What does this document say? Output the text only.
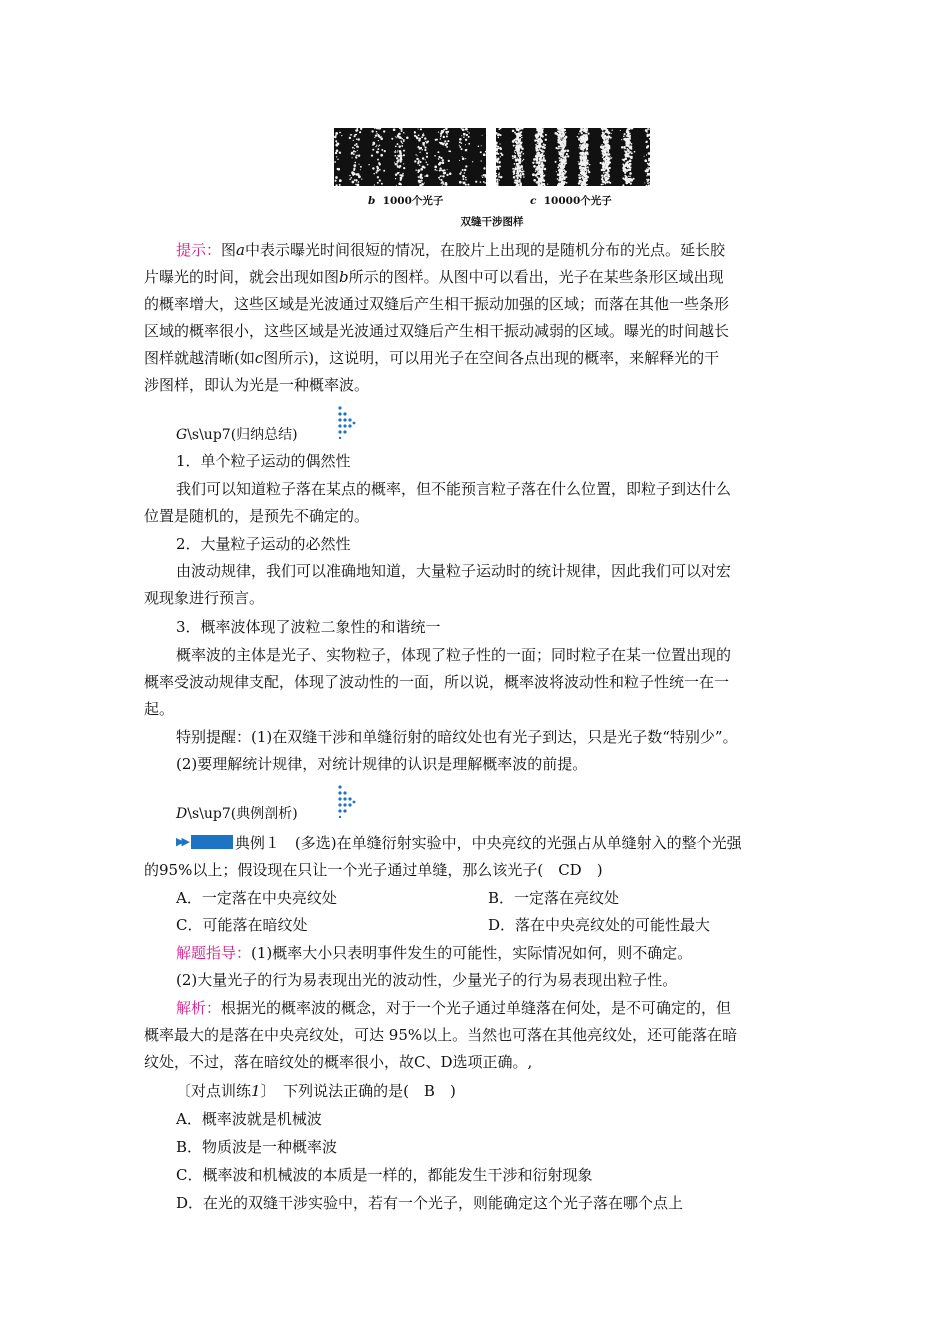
b 1000个光子	c 10000个光子
双缝干涉图样
提示：图a中表示曝光时间很短的情况，在胶片上出现的是随机分布的光点。延长胶
片曝光的时间，就会出现如图b所示的图样。从图中可以看出，光子在某些条形区域出现
的概率增大，这些区域是光波通过双缝后产生相干振动加强的区域；而落在其他一些条形
区域的概率很小，这些区域是光波通过双缝后产生相干振动减弱的区域。曝光的时间越长
图样就越清晰(如c图所示)，这说明，可以用光子在空间各点出现的概率，来解释光的干
涉图样，即认为光是一种概率波。
G\s\up7(归纳总结)
1．单个粒子运动的偶然性
我们可以知道粒子落在某点的概率，但不能预言粒子落在什么位置，即粒子到达什么
位置是随机的，是预先不确定的。
2．大量粒子运动的必然性
由波动规律，我们可以准确地知道，大量粒子运动时的统计规律，因此我们可以对宏
观现象进行预言。
3．概率波体现了波粒二象性的和谐统一
概率波的主体是光子、实物粒子，体现了粒子性的一面；同时粒子在某一位置出现的
概率受波动规律支配，体现了波动性的一面，所以说，概率波将波动性和粒子性统一在一
起。
特别提醒：(1)在双缝干涉和单缝衍射的暗纹处也有光子到达，只是光子数“特别少”。
(2)要理解统计规律，对统计规律的认识是理解概率波的前提。
D\s\up7(典例剖析)
▶▶	典例１　(多选)在单缝衍射实验中，中央亮纹的光强占从单缝射入的整个光强
的95%以上；假设现在只让一个光子通过单缝，那么该光子(　CD　)
A．一定落在中央亮纹处	B．一定落在亮纹处
C．可能落在暗纹处	D．落在中央亮纹处的可能性最大
解题指导：(1)概率大小只表明事件发生的可能性，实际情况如何，则不确定。
(2)大量光子的行为易表现出光的波动性，少量光子的行为易表现出粒子性。
解析：根据光的概率波的概念，对于一个光子通过单缝落在何处，是不可确定的，但
概率最大的是落在中央亮纹处，可达 95%以上。当然也可落在其他亮纹处，还可能落在暗
纹处，不过，落在暗纹处的概率很小，故C、D选项正确。,
〔对点训练1〕　下列说法正确的是(　B　)
A．概率波就是机械波
B．物质波是一种概率波
C．概率波和机械波的本质是一样的，都能发生干涉和衍射现象
D．在光的双缝干涉实验中，若有一个光子，则能确定这个光子落在哪个点上
